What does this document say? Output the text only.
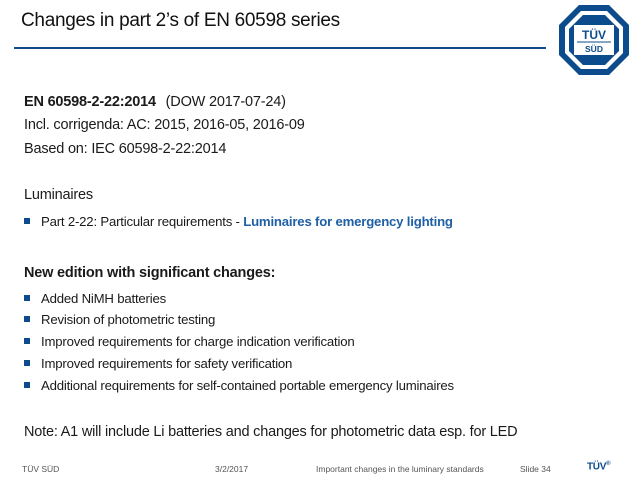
Changes in part 2’s of EN 60598 series
TÜV
SÜD
EN 60598-2-22:2014 (DOW 2017-07-24)
Incl. corrigenda: AC: 2015, 2016-05, 2016-09
Based on: IEC 60598-2-22:2014
Luminaires
Part 2-22: Particular requirements - Luminaires for emergency lighting
New edition with significant changes:
Added NiMH batteries
Revision of photometric testing
Improved requirements for charge indication verification
Improved requirements for safety verification
Additional requirements for self-contained portable emergency luminaires
Note: A1 will include Li batteries and changes for photometric data esp. for LED
TÜV SÜD	3/2/2017	Important changes in the luminary standards	Slide 34	TÜV®
